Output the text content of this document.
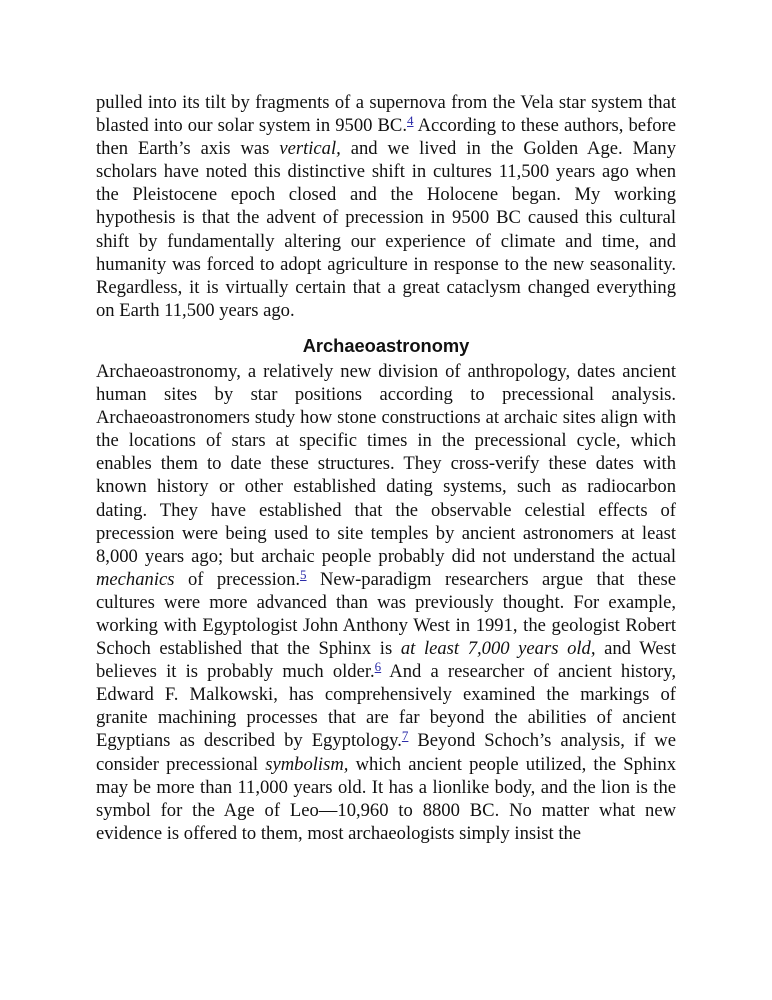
pulled into its tilt by fragments of a supernova from the Vela star system that blasted into our solar system in 9500 BC.$^4$ According to these authors, before then Earth’s axis was vertical, and we lived in the Golden Age. Many scholars have noted this distinctive shift in cultures 11,500 years ago when the Pleistocene epoch closed and the Holocene began. My working hypothesis is that the advent of precession in 9500 BC caused this cultural shift by fundamentally altering our experience of climate and time, and humanity was forced to adopt agriculture in response to the new seasonality. Regardless, it is virtually certain that a great cataclysm changed everything on Earth 11,500 years ago.

Archaeoastronomy

Archaeoastronomy, a relatively new division of anthropology, dates ancient human sites by star positions according to precessional analysis. Archaeoastronomers study how stone constructions at archaic sites align with the locations of stars at specific times in the precessional cycle, which enables them to date these structures. They cross-verify these dates with known history or other established dating systems, such as radiocarbon dating. They have established that the observable celestial effects of precession were being used to site temples by ancient astronomers at least 8,000 years ago; but archaic people probably did not understand the actual mechanics of precession.$^5$ New-paradigm researchers argue that these cultures were more advanced than was previously thought. For example, working with Egyptologist John Anthony West in 1991, the geologist Robert Schoch established that the Sphinx is at least 7,000 years old, and West believes it is probably much older.$^6$ And a researcher of ancient history, Edward F. Malkowski, has comprehensively examined the markings of granite machining processes that are far beyond the abilities of ancient Egyptians as described by Egyptology.$^7$ Beyond Schoch’s analysis, if we consider precessional symbolism, which ancient people utilized, the Sphinx may be more than 11,000 years old. It has a lionlike body, and the lion is the symbol for the Age of Leo—10,960 to 8800 BC. No matter what new evidence is offered to them, most archaeologists simply insist the
